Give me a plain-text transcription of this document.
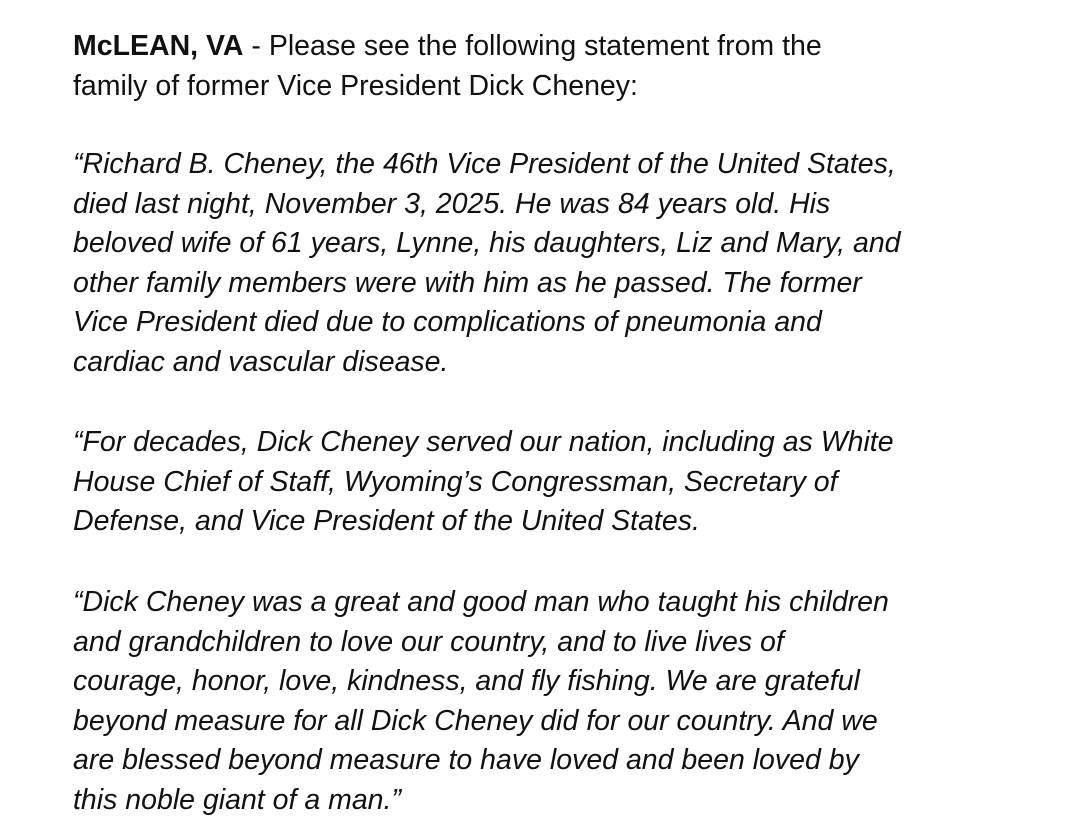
McLEAN, VA - Please see the following statement from the
family of former Vice President Dick Cheney:

“Richard B. Cheney, the 46th Vice President of the United States,
died last night, November 3, 2025. He was 84 years old. His
beloved wife of 61 years, Lynne, his daughters, Liz and Mary, and
other family members were with him as he passed. The former
Vice President died due to complications of pneumonia and
cardiac and vascular disease.

“For decades, Dick Cheney served our nation, including as White
House Chief of Staff, Wyoming’s Congressman, Secretary of
Defense, and Vice President of the United States.

“Dick Cheney was a great and good man who taught his children
and grandchildren to love our country, and to live lives of
courage, honor, love, kindness, and fly fishing. We are grateful
beyond measure for all Dick Cheney did for our country. And we
are blessed beyond measure to have loved and been loved by
this noble giant of a man.”
